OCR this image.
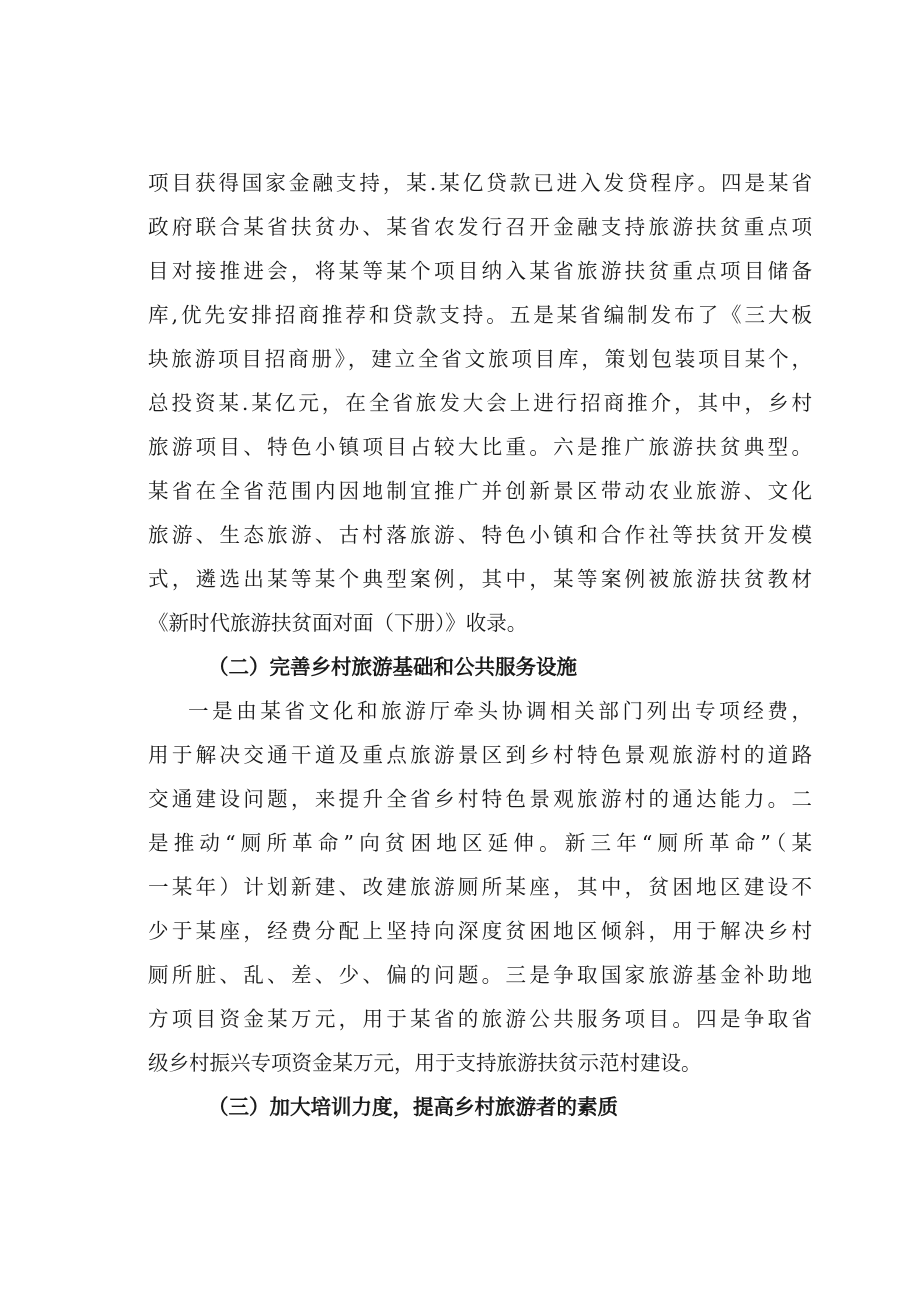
项目获得国家金融支持，某.某亿贷款已进入发贷程序。四是某省
政府联合某省扶贫办、某省农发行召开金融支持旅游扶贫重点项
目对接推进会，将某等某个项目纳入某省旅游扶贫重点项目储备
库,优先安排招商推荐和贷款支持。五是某省编制发布了《三大板
块旅游项目招商册》，建立全省文旅项目库，策划包装项目某个，
总投资某.某亿元，在全省旅发大会上进行招商推介，其中，乡村
旅游项目、特色小镇项目占较大比重。六是推广旅游扶贫典型。
某省在全省范围内因地制宜推广并创新景区带动农业旅游、文化
旅游、生态旅游、古村落旅游、特色小镇和合作社等扶贫开发模
式，遴选出某等某个典型案例，其中，某等案例被旅游扶贫教材
《新时代旅游扶贫面对面（下册）》收录。
（二）完善乡村旅游基础和公共服务设施
一是由某省文化和旅游厅牵头协调相关部门列出专项经费，
用于解决交通干道及重点旅游景区到乡村特色景观旅游村的道路
交通建设问题，来提升全省乡村特色景观旅游村的通达能力。二
是推动“厕所革命”向贫困地区延伸。新三年“厕所革命”（某
一某年）计划新建、改建旅游厕所某座，其中，贫困地区建设不
少于某座，经费分配上坚持向深度贫困地区倾斜，用于解决乡村
厕所脏、乱、差、少、偏的问题。三是争取国家旅游基金补助地
方项目资金某万元，用于某省的旅游公共服务项目。四是争取省
级乡村振兴专项资金某万元，用于支持旅游扶贫示范村建设。
（三）加大培训力度，提高乡村旅游者的素质
